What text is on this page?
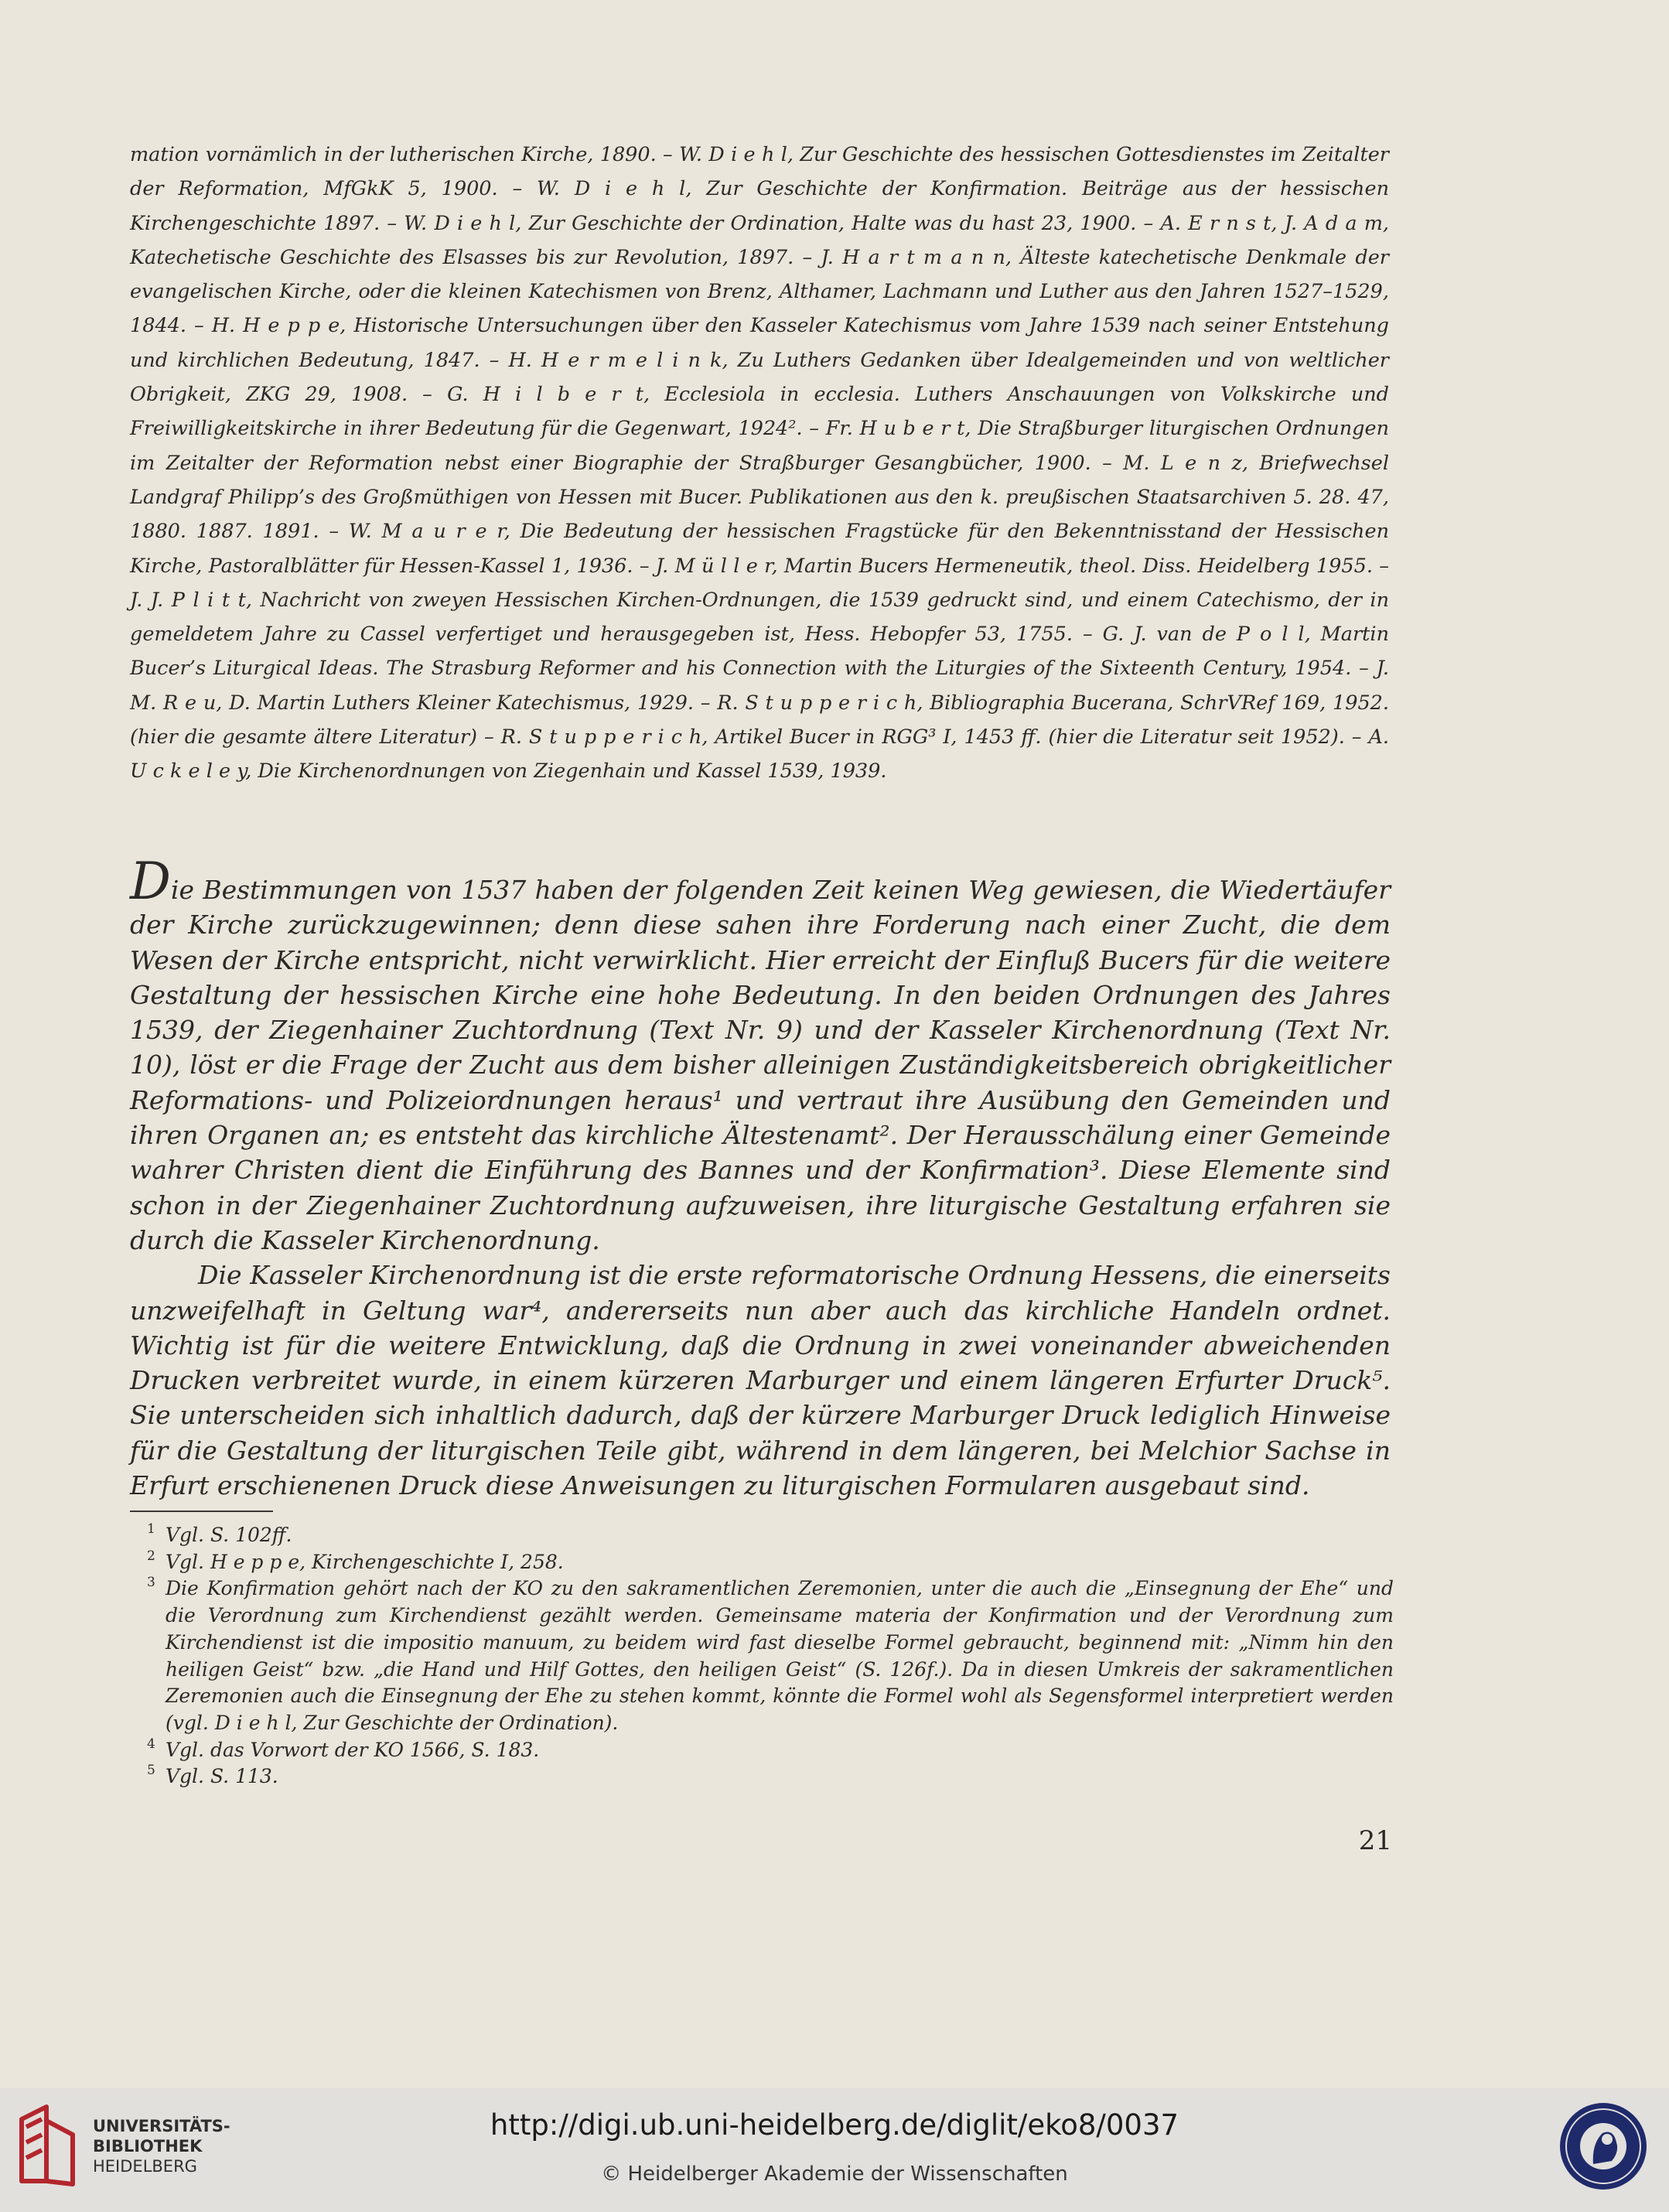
mation vornämlich in der lutherischen Kirche, 1890. – W. D i e h l, Zur Geschichte des hessischen Gottesdienstes im Zeitalter der Reformation, MfGkK 5, 1900. – W. D i e h l, Zur Geschichte der Konfirmation. Beiträge aus der hessischen Kirchengeschichte 1897. – W. D i e h l, Zur Geschichte der Ordination, Halte was du hast 23, 1900. – A. E r n s t, J. A d a m, Katechetische Geschichte des Elsasses bis zur Revolution, 1897. – J. H a r t m a n n, Älteste katechetische Denkmale der evangelischen Kirche, oder die kleinen Katechismen von Brenz, Althamer, Lachmann und Luther aus den Jahren 1527–1529, 1844. – H. H e p p e, Historische Untersuchungen über den Kasseler Katechismus vom Jahre 1539 nach seiner Entstehung und kirchlichen Bedeutung, 1847. – H. H e r m e l i n k, Zu Luthers Gedanken über Idealgemeinden und von weltlicher Obrigkeit, ZKG 29, 1908. – G. H i l b e r t, Ecclesiola in ecclesia. Luthers Anschauungen von Volkskirche und Freiwilligkeitskirche in ihrer Bedeutung für die Gegenwart, 1924². – Fr. H u b e r t, Die Straßburger liturgischen Ordnungen im Zeitalter der Reformation nebst einer Biographie der Straßburger Gesangbücher, 1900. – M. L e n z, Briefwechsel Landgraf Philipp’s des Großmüthigen von Hessen mit Bucer. Publikationen aus den k. preußischen Staatsarchiven 5. 28. 47, 1880. 1887. 1891. – W. M a u r e r, Die Bedeutung der hessischen Fragstücke für den Bekenntnisstand der Hessischen Kirche, Pastoralblätter für Hessen-Kassel 1, 1936. – J. M ü l l e r, Martin Bucers Hermeneutik, theol. Diss. Heidelberg 1955. – J. J. P l i t t, Nachricht von zweyen Hessischen Kirchen-Ordnungen, die 1539 gedruckt sind, und einem Catechismo, der in gemeldetem Jahre zu Cassel verfertiget und herausgegeben ist, Hess. Hebopfer 53, 1755. – G. J. van de P o l l, Martin Bucer’s Liturgical Ideas. The Strasburg Reformer and his Connection with the Liturgies of the Sixteenth Century, 1954. – J. M. R e u, D. Martin Luthers Kleiner Katechismus, 1929. – R. S t u p p e r i c h, Bibliographia Bucerana, SchrVRef 169, 1952. (hier die gesamte ältere Literatur) – R. S t u p p e r i c h, Artikel Bucer in RGG³ I, 1453 ff. (hier die Literatur seit 1952). – A. U c k e l e y, Die Kirchenordnungen von Ziegenhain und Kassel 1539, 1939.

Die Bestimmungen von 1537 haben der folgenden Zeit keinen Weg gewiesen, die Wiedertäufer der Kirche zurückzugewinnen; denn diese sahen ihre Forderung nach einer Zucht, die dem Wesen der Kirche entspricht, nicht verwirklicht. Hier erreicht der Einfluß Bucers für die weitere Gestaltung der hessischen Kirche eine hohe Bedeutung. In den beiden Ordnungen des Jahres 1539, der Ziegenhainer Zuchtordnung (Text Nr. 9) und der Kasseler Kirchenordnung (Text Nr. 10), löst er die Frage der Zucht aus dem bisher alleinigen Zuständigkeitsbereich obrigkeitlicher Reformations- und Polizeiordnungen heraus¹ und vertraut ihre Ausübung den Gemeinden und ihren Organen an; es entsteht das kirchliche Ältestenamt². Der Herausschälung einer Gemeinde wahrer Christen dient die Einführung des Bannes und der Konfirmation³. Diese Elemente sind schon in der Ziegenhainer Zuchtordnung aufzuweisen, ihre liturgische Gestaltung erfahren sie durch die Kasseler Kirchenordnung.

Die Kasseler Kirchenordnung ist die erste reformatorische Ordnung Hessens, die einerseits unzweifelhaft in Geltung war⁴, andererseits nun aber auch das kirchliche Handeln ordnet. Wichtig ist für die weitere Entwicklung, daß die Ordnung in zwei voneinander abweichenden Drucken verbreitet wurde, in einem kürzeren Marburger und einem längeren Erfurter Druck⁵. Sie unterscheiden sich inhaltlich dadurch, daß der kürzere Marburger Druck lediglich Hinweise für die Gestaltung der liturgischen Teile gibt, während in dem längeren, bei Melchior Sachse in Erfurt erschienenen Druck diese Anweisungen zu liturgischen Formularen ausgebaut sind.

1 Vgl. S. 102ff.
2 Vgl. H e p p e, Kirchengeschichte I, 258.
3 Die Konfirmation gehört nach der KO zu den sakramentlichen Zeremonien, unter die auch die „Einsegnung der Ehe“ und die Verordnung zum Kirchendienst gezählt werden. Gemeinsame materia der Konfirmation und der Verordnung zum Kirchendienst ist die impositio manuum, zu beidem wird fast dieselbe Formel gebraucht, beginnend mit: „Nimm hin den heiligen Geist“ bzw. „die Hand und Hilf Gottes, den heiligen Geist“ (S. 126f.). Da in diesen Umkreis der sakramentlichen Zeremonien auch die Einsegnung der Ehe zu stehen kommt, könnte die Formel wohl als Segensformel interpretiert werden (vgl. D i e h l, Zur Geschichte der Ordination).
4 Vgl. das Vorwort der KO 1566, S. 183.
5 Vgl. S. 113.
21
UNIVERSITÄTS-
BIBLIOTHEK
HEIDELBERG
http://digi.ub.uni-heidelberg.de/diglit/eko8/0037
© Heidelberger Akademie der Wissenschaften
